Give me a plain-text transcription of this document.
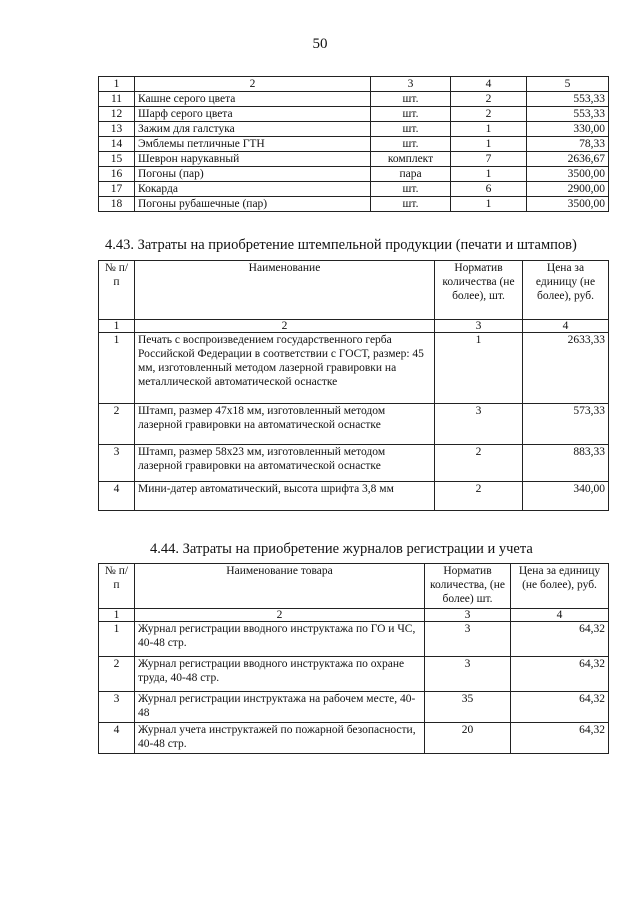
50
1	2	3	4	5
11	Кашне серого цвета	шт.	2	553,33
12	Шарф серого цвета	шт.	2	553,33
13	Зажим для галстука	шт.	1	330,00
14	Эмблемы петличные ГТН	шт.	1	78,33
15	Шеврон нарукавный	комплект	7	2636,67
16	Погоны (пар)	пара	1	3500,00
17	Кокарда	шт.	6	2900,00
18	Погоны рубашечные (пар)	шт.	1	3500,00
4.43. Затраты на приобретение штемпельной продукции (печати и штампов)
№ п/п	Наименование	Норматив количества (не более), шт.	Цена за единицу (не более), руб.
1	2	3	4
1	Печать с воспроизведением государственного герба Российской Федерации в соответствии с ГОСТ, размер: 45 мм, изготовленный методом лазерной гравировки на металлической автоматической оснастке	1	2633,33
2	Штамп, размер 47х18 мм, изготовленный методом лазерной гравировки на автоматической оснастке	3	573,33
3	Штамп, размер 58х23 мм, изготовленный методом лазерной гравировки на автоматической оснастке	2	883,33
4	Мини-датер автоматический, высота шрифта 3,8 мм	2	340,00
4.44. Затраты на приобретение журналов регистрации и учета
№ п/п	Наименование товара	Норматив количества, (не более) шт.	Цена за единицу (не более), руб.
1	2	3	4
1	Журнал регистрации вводного инструктажа по ГО и ЧС, 40-48 стр.	3	64,32
2	Журнал регистрации вводного инструктажа по охране труда, 40-48 стр.	3	64,32
3	Журнал регистрации инструктажа на рабочем месте, 40-48	35	64,32
4	Журнал учета инструктажей по пожарной безопасности, 40-48 стр.	20	64,32
